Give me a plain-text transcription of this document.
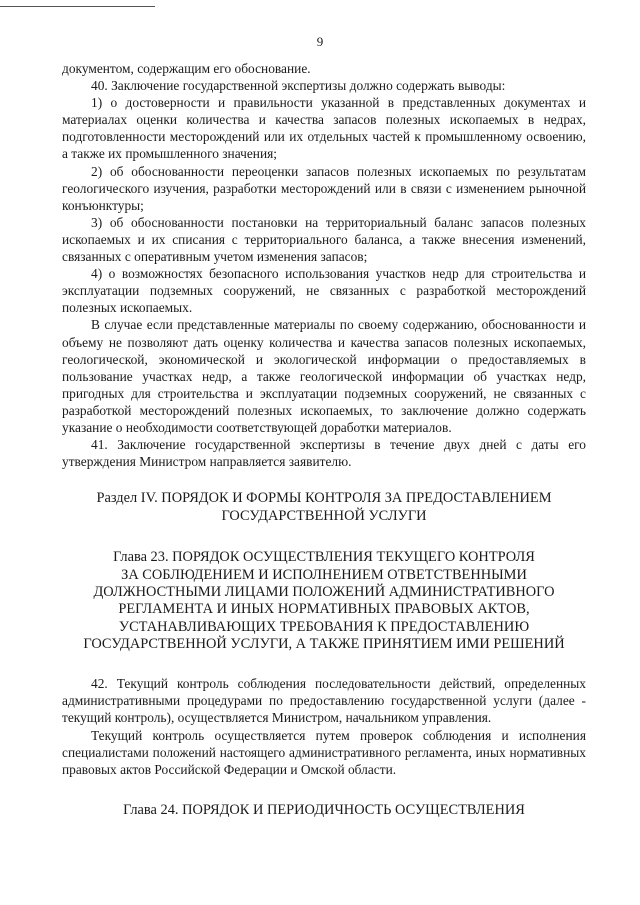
9

документом, содержащим его обоснование.

40. Заключение государственной экспертизы должно содержать выводы:

1) о достоверности и правильности указанной в представленных документах и материалах оценки количества и качества запасов полезных ископаемых в недрах, подготовленности месторождений или их отдельных частей к промышленному освоению, а также их промышленного значения;

2) об обоснованности переоценки запасов полезных ископаемых по результатам геологического изучения, разработки месторождений или в связи с изменением рыночной конъюнктуры;

3) об обоснованности постановки на территориальный баланс запасов полезных ископаемых и их списания с территориального баланса, а также внесения изменений, связанных с оперативным учетом изменения запасов;

4) о возможностях безопасного использования участков недр для строительства и эксплуатации подземных сооружений, не связанных с разработкой месторождений полезных ископаемых.

В случае если представленные материалы по своему содержанию, обоснованности и объему не позволяют дать оценку количества и качества запасов полезных ископаемых, геологической, экономической и экологической информации о предоставляемых в пользование участках недр, а также геологической информации об участках недр, пригодных для строительства и эксплуатации подземных сооружений, не связанных с разработкой месторождений полезных ископаемых, то заключение должно содержать указание о необходимости соответствующей доработки материалов.

41. Заключение государственной экспертизы в течение двух дней с даты его утверждения Министром направляется заявителю.

Раздел IV. ПОРЯДОК И ФОРМЫ КОНТРОЛЯ ЗА ПРЕДОСТАВЛЕНИЕМ
ГОСУДАРСТВЕННОЙ УСЛУГИ
Глава 23. ПОРЯДОК ОСУЩЕСТВЛЕНИЯ ТЕКУЩЕГО КОНТРОЛЯ
ЗА СОБЛЮДЕНИЕМ И ИСПОЛНЕНИЕМ ОТВЕТСТВЕННЫМИ
ДОЛЖНОСТНЫМИ ЛИЦАМИ ПОЛОЖЕНИЙ АДМИНИСТРАТИВНОГО
РЕГЛАМЕНТА И ИНЫХ НОРМАТИВНЫХ ПРАВОВЫХ АКТОВ,
УСТАНАВЛИВАЮЩИХ ТРЕБОВАНИЯ К ПРЕДОСТАВЛЕНИЮ
ГОСУДАРСТВЕННОЙ УСЛУГИ, А ТАКЖЕ ПРИНЯТИЕМ ИМИ РЕШЕНИЙ

42. Текущий контроль соблюдения последовательности действий, определенных административными процедурами по предоставлению государственной услуги (далее - текущий контроль), осуществляется Министром, начальником управления.

Текущий контроль осуществляется путем проверок соблюдения и исполнения специалистами положений настоящего административного регламента, иных нормативных правовых актов Российской Федерации и Омской области.

Глава 24. ПОРЯДОК И ПЕРИОДИЧНОСТЬ ОСУЩЕСТВЛЕНИЯ
